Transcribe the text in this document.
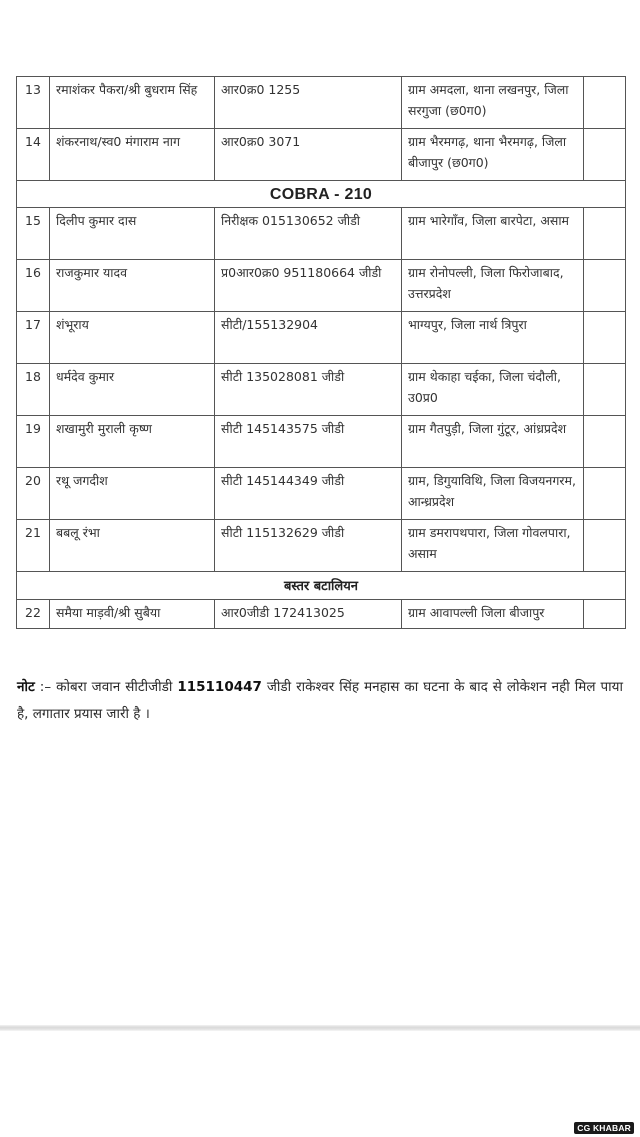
13	रमाशंकर पैकरा/श्री बुधराम सिंह	आर0क्र0 1255	ग्राम अमदला, थाना लखनपुर, जिला सरगुजा (छ0ग0)	
14	शंकरनाथ/स्व0 मंगाराम नाग	आर0क्र0 3071	ग्राम भैरमगढ़, थाना भैरमगढ़, जिला बीजापुर (छ0ग0)	
COBRA - 210				
15	दिलीप कुमार दास	निरीक्षक 015130652 जीडी	ग्राम भारेगाँव, जिला बारपेटा, असाम	
16	राजकुमार यादव	प्र0आर0क्र0 951180664 जीडी	ग्राम रोनोपल्ली, जिला फिरोजाबाद, उत्तरप्रदेश	
17	शंभूराय	सीटी/155132904	भाग्यपुर, जिला नार्थ त्रिपुरा	
18	धर्मदेव कुमार	सीटी 135028081 जीडी	ग्राम थेकाहा चईका, जिला चंदौली, उ0प्र0	
19	शखामुरी मुराली कृष्ण	सीटी 145143575 जीडी	ग्राम गैतपुड़ी, जिला गुंटूर, आंध्रप्रदेश	
20	रथू जगदीश	सीटी 145144349 जीडी	ग्राम, डिगुयाविथि, जिला विजयनगरम, आन्ध्रप्रदेश	
21	बबलू रंभा	सीटी 115132629 जीडी	ग्राम डमरापथपारा, जिला गोवलपारा, असाम	
बस्तर बटालियन				
22	समैया माड़वी/श्री सुबैया	आर0जीडी 172413025	ग्राम आवापल्ली जिला बीजापुर	
नोट :– कोबरा जवान सीटीजीडी 115110447 जीडी राकेश्वर सिंह मनहास का घटना के बाद से लोकेशन नही मिल पाया है, लगातार प्रयास जारी है ।
CG KHABAR
